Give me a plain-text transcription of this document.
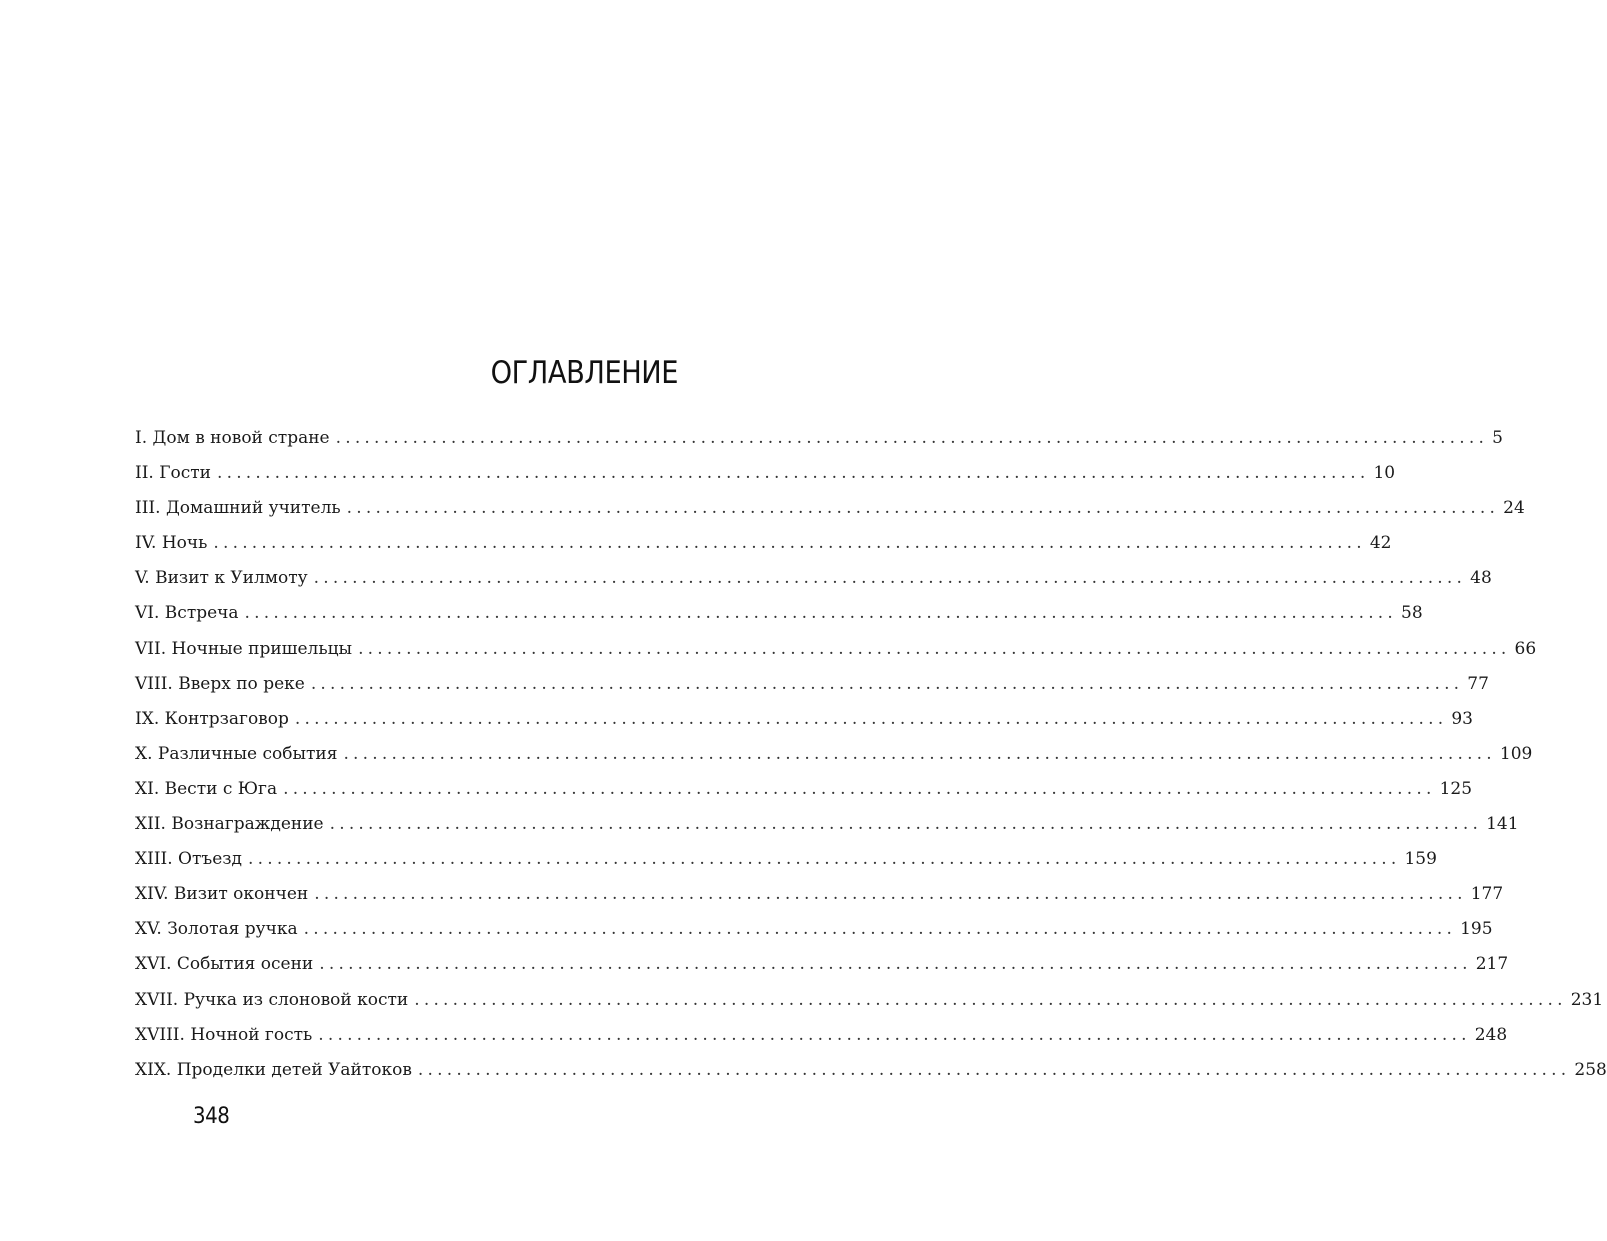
ОГЛАВЛЕНИЕ
I. Дом в новой стране ........................................................................................................................ 5
II. Гости ........................................................................................................................ 10
III. Домашний учитель ........................................................................................................................ 24
IV. Ночь ........................................................................................................................ 42
V. Визит к Уилмоту ........................................................................................................................ 48
VI. Встреча ........................................................................................................................ 58
VII. Ночные пришельцы ........................................................................................................................ 66
VIII. Вверх по реке ........................................................................................................................ 77
IX. Контрзаговор ........................................................................................................................ 93
X. Различные события ........................................................................................................................ 109
XI. Вести с Юга ........................................................................................................................ 125
XII. Вознаграждение ........................................................................................................................ 141
XIII. Отъезд ........................................................................................................................ 159
XIV. Визит окончен ........................................................................................................................ 177
XV. Золотая ручка ........................................................................................................................ 195
XVI. События осени ........................................................................................................................ 217
XVII. Ручка из слоновой кости ........................................................................................................................ 231
XVIII. Ночной гость ........................................................................................................................ 248
XIX. Проделки детей Уайтоков ........................................................................................................................ 258
348
